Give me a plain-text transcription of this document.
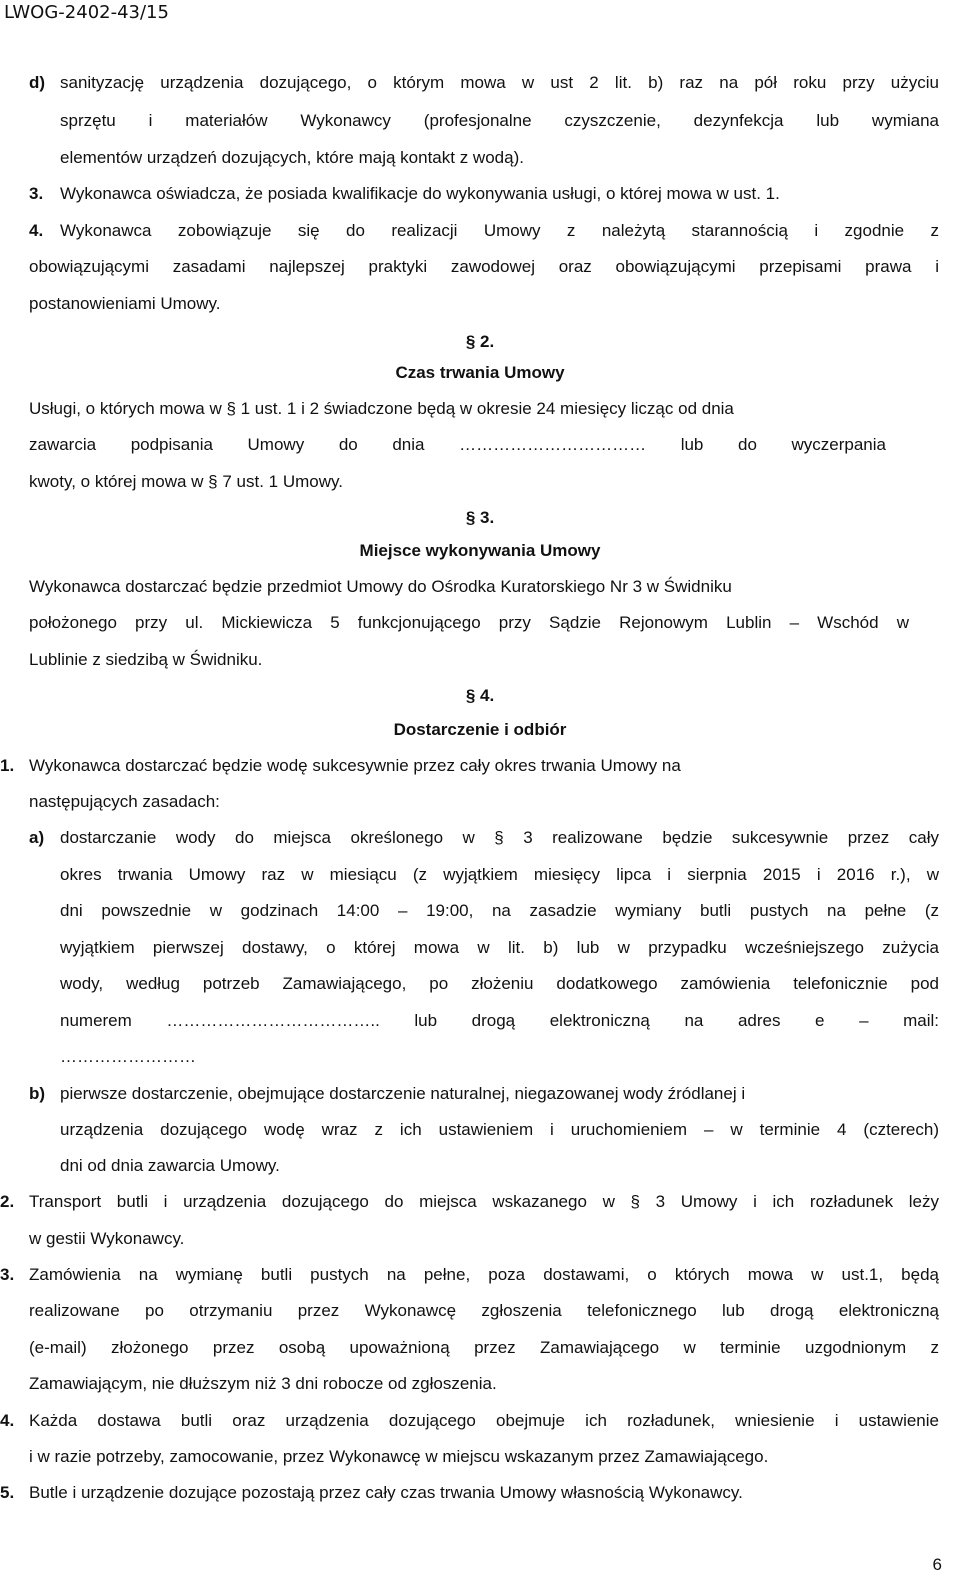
LWOG-2402-43/15
d) sanityzację urządzenia dozującego, o którym mowa w ust 2 lit. b) raz na pół roku przy użyciu
sprzętu i materiałów Wykonawcy (profesjonalne czyszczenie, dezynfekcja lub wymiana
elementów urządzeń dozujących, które mają kontakt z wodą).
3. Wykonawca oświadcza, że posiada kwalifikacje do wykonywania usługi, o której mowa w ust. 1.
4. Wykonawca zobowiązuje się do realizacji Umowy z należytą starannością i zgodnie z
obowiązującymi zasadami najlepszej praktyki zawodowej oraz obowiązującymi przepisami prawa i
postanowieniami Umowy.
§ 2.
Czas trwania Umowy
Usługi, o których mowa w § 1 ust. 1 i 2 świadczone będą w okresie 24 miesięcy licząc od dnia
zawarcia podpisania Umowy do dnia …………………………… lub do wyczerpania
kwoty, o której mowa w § 7 ust. 1 Umowy.
§ 3.
Miejsce wykonywania Umowy
Wykonawca dostarczać będzie przedmiot Umowy do Ośrodka Kuratorskiego Nr 3 w Świdniku
położonego przy ul. Mickiewicza 5 funkcjonującego przy Sądzie Rejonowym Lublin – Wschód w
Lublinie z siedzibą w Świdniku.
§ 4.
Dostarczenie i odbiór
1. Wykonawca dostarczać będzie wodę sukcesywnie przez cały okres trwania Umowy na
następujących zasadach:
a) dostarczanie wody do miejsca określonego w § 3 realizowane będzie sukcesywnie przez cały
okres trwania Umowy raz w miesiącu (z wyjątkiem miesięcy lipca i sierpnia 2015 i 2016 r.), w
dni powszednie w godzinach 14:00 – 19:00, na zasadzie wymiany butli pustych na pełne (z
wyjątkiem pierwszej dostawy, o której mowa w lit. b) lub w przypadku wcześniejszego zużycia
wody, według potrzeb Zamawiającego, po złożeniu dodatkowego zamówienia telefonicznie pod
numerem ……………………………….. lub drogą elektroniczną na adres e – mail:
……………………
b) pierwsze dostarczenie, obejmujące dostarczenie naturalnej, niegazowanej wody źródlanej i
urządzenia dozującego wodę wraz z ich ustawieniem i uruchomieniem – w terminie 4 (czterech)
dni od dnia zawarcia Umowy.
2. Transport butli i urządzenia dozującego do miejsca wskazanego w § 3 Umowy i ich rozładunek leży
w gestii Wykonawcy.
3. Zamówienia na wymianę butli pustych na pełne, poza dostawami, o których mowa w ust.1, będą
realizowane po otrzymaniu przez Wykonawcę zgłoszenia telefonicznego lub drogą elektroniczną
(e-mail) złożonego przez osobą upoważnioną przez Zamawiającego w terminie uzgodnionym z
Zamawiającym, nie dłuższym niż 3 dni robocze od zgłoszenia.
4. Każda dostawa butli oraz urządzenia dozującego obejmuje ich rozładunek, wniesienie i ustawienie
i w razie potrzeby, zamocowanie, przez Wykonawcę w miejscu wskazanym przez Zamawiającego.
5. Butle i urządzenie dozujące pozostają przez cały czas trwania Umowy własnością Wykonawcy.
6
